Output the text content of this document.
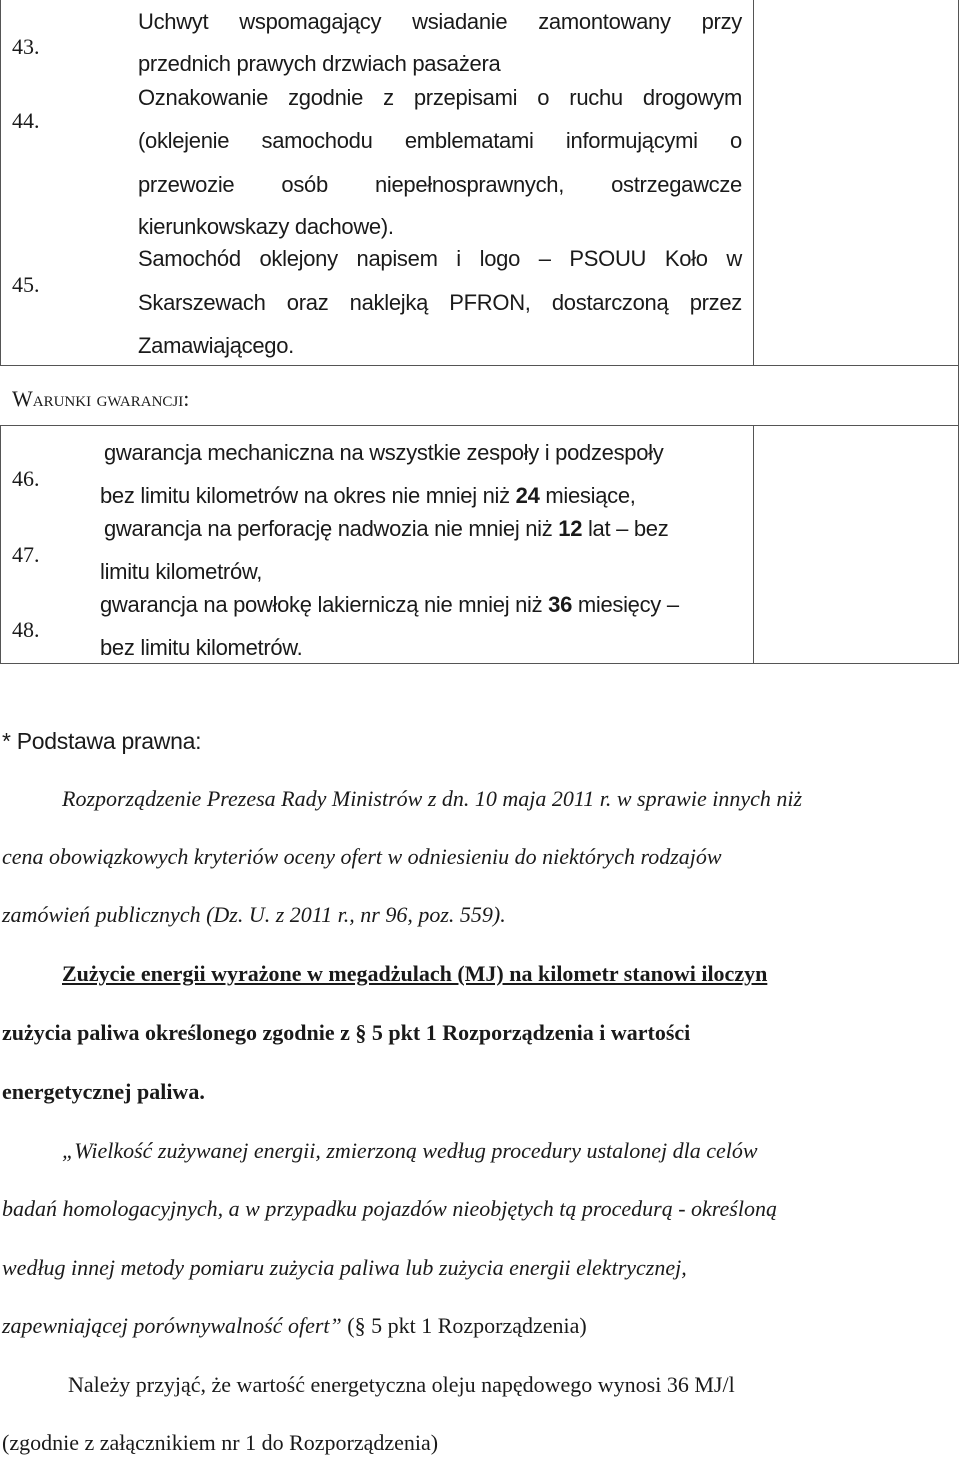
43.
44.
45.
Uchwyt wspomagający wsiadanie zamontowany przy
przednich prawych drzwiach pasażera
Oznakowanie zgodnie z przepisami o ruchu drogowym
(oklejenie samochodu emblematami informującymi o
przewozie osób niepełnosprawnych, ostrzegawcze
kierunkowskazy dachowe).
Samochód oklejony napisem i logo – PSOUU Koło w
Skarszewach oraz naklejką PFRON, dostarczoną przez
Zamawiającego.
Warunki gwarancji:
46.
47.
48.
gwarancja mechaniczna na wszystkie zespoły i podzespoły
bez limitu kilometrów na okres nie mniej niż 24 miesiące,
gwarancja na perforację nadwozia nie mniej niż 12 lat – bez
limitu kilometrów,
gwarancja na powłokę lakierniczą nie mniej niż 36 miesięcy –
bez limitu kilometrów.
* Podstawa prawna:
Rozporządzenie Prezesa Rady Ministrów z dn. 10 maja 2011 r. w sprawie innych niż
cena obowiązkowych kryteriów oceny ofert w odniesieniu do niektórych rodzajów
zamówień publicznych (Dz. U. z 2011 r., nr 96, poz. 559).
Zużycie energii wyrażone w megadżulach (MJ) na kilometr stanowi iloczyn
zużycia paliwa określonego zgodnie z § 5 pkt 1 Rozporządzenia i wartości
energetycznej paliwa.
„Wielkość zużywanej energii, zmierzoną według procedury ustalonej dla celów
badań homologacyjnych, a w przypadku pojazdów nieobjętych tą procedurą - określoną
według innej metody pomiaru zużycia paliwa lub zużycia energii elektrycznej,
zapewniającej porównywalność ofert” (§ 5 pkt 1 Rozporządzenia)
Należy przyjąć, że wartość energetyczna oleju napędowego wynosi 36 MJ/l
(zgodnie z załącznikiem nr 1 do Rozporządzenia)
